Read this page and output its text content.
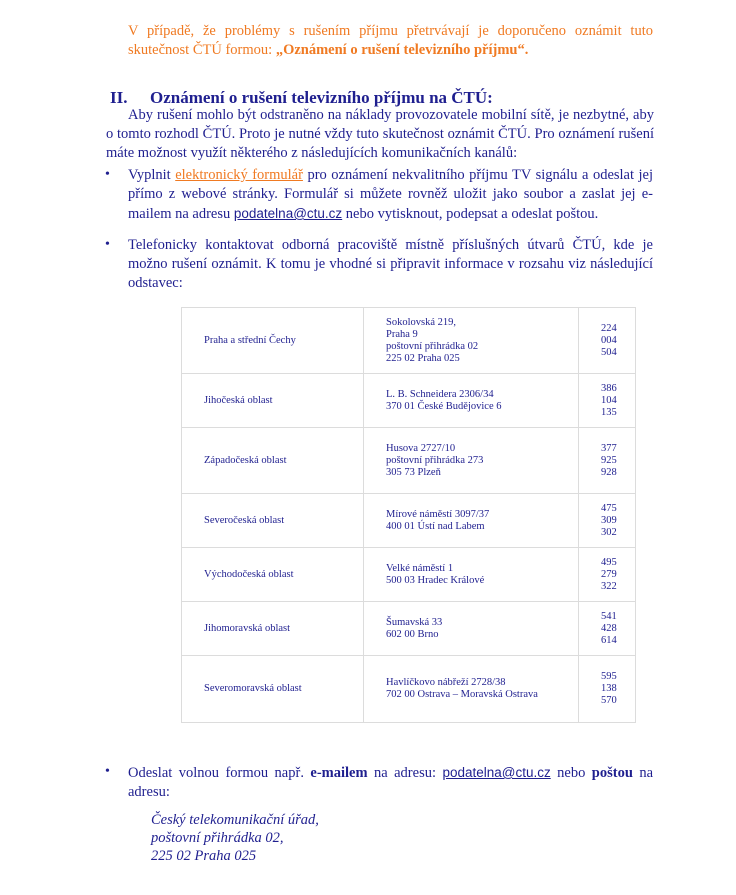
V případě, že problémy s rušením příjmu přetrvávají je doporučeno oznámit tuto skutečnost ČTÚ formou: „Oznámení o rušení televizního příjmu“.
II. Oznámení o rušení televizního příjmu na ČTÚ:
Aby rušení mohlo být odstraněno na náklady provozovatele mobilní sítě, je nezbytné, aby o tomto rozhodl ČTÚ. Proto je nutné vždy tuto skutečnost oznámit ČTÚ. Pro oznámení rušení máte možnost využít některého z následujících komunikačních kanálů:
• Vyplnit elektronický formulář pro oznámení nekvalitního příjmu TV signálu a odeslat jej přímo z webové stránky. Formulář si můžete rovněž uložit jako soubor a zaslat jej e-mailem na adresu podatelna@ctu.cz nebo vytisknout, podepsat a odeslat poštou.
• Telefonicky kontaktovat odborná pracoviště místně příslušných útvarů ČTÚ, kde je možno rušení oznámit. K tomu je vhodné si připravit informace v rozsahu viz následující odstavec:
Praha a střední Čechy	Sokolovská 219,
Praha 9
poštovní přihrádka 02
225 02 Praha 025	224 004 504
Jihočeská oblast	L. B. Schneidera 2306/34
370 01 České Budějovice 6	386 104 135
Západočeská oblast	Husova 2727/10
poštovní přihrádka 273
305 73 Plzeň	377 925 928
Severočeská oblast	Mírové náměstí 3097/37
400 01 Ústí nad Labem	475 309 302
Východočeská oblast	Velké náměstí 1
500 03 Hradec Králové	495 279 322
Jihomoravská oblast	Šumavská 33
602 00 Brno	541 428 614
Severomoravská oblast	Havlíčkovo nábřeží 2728/38
702 00 Ostrava – Moravská Ostrava	595 138 570
• Odeslat volnou formou např. e-mailem na adresu: podatelna@ctu.cz nebo poštou na adresu:
Český telekomunikační úřad,
poštovní přihrádka 02,
225 02 Praha 025
